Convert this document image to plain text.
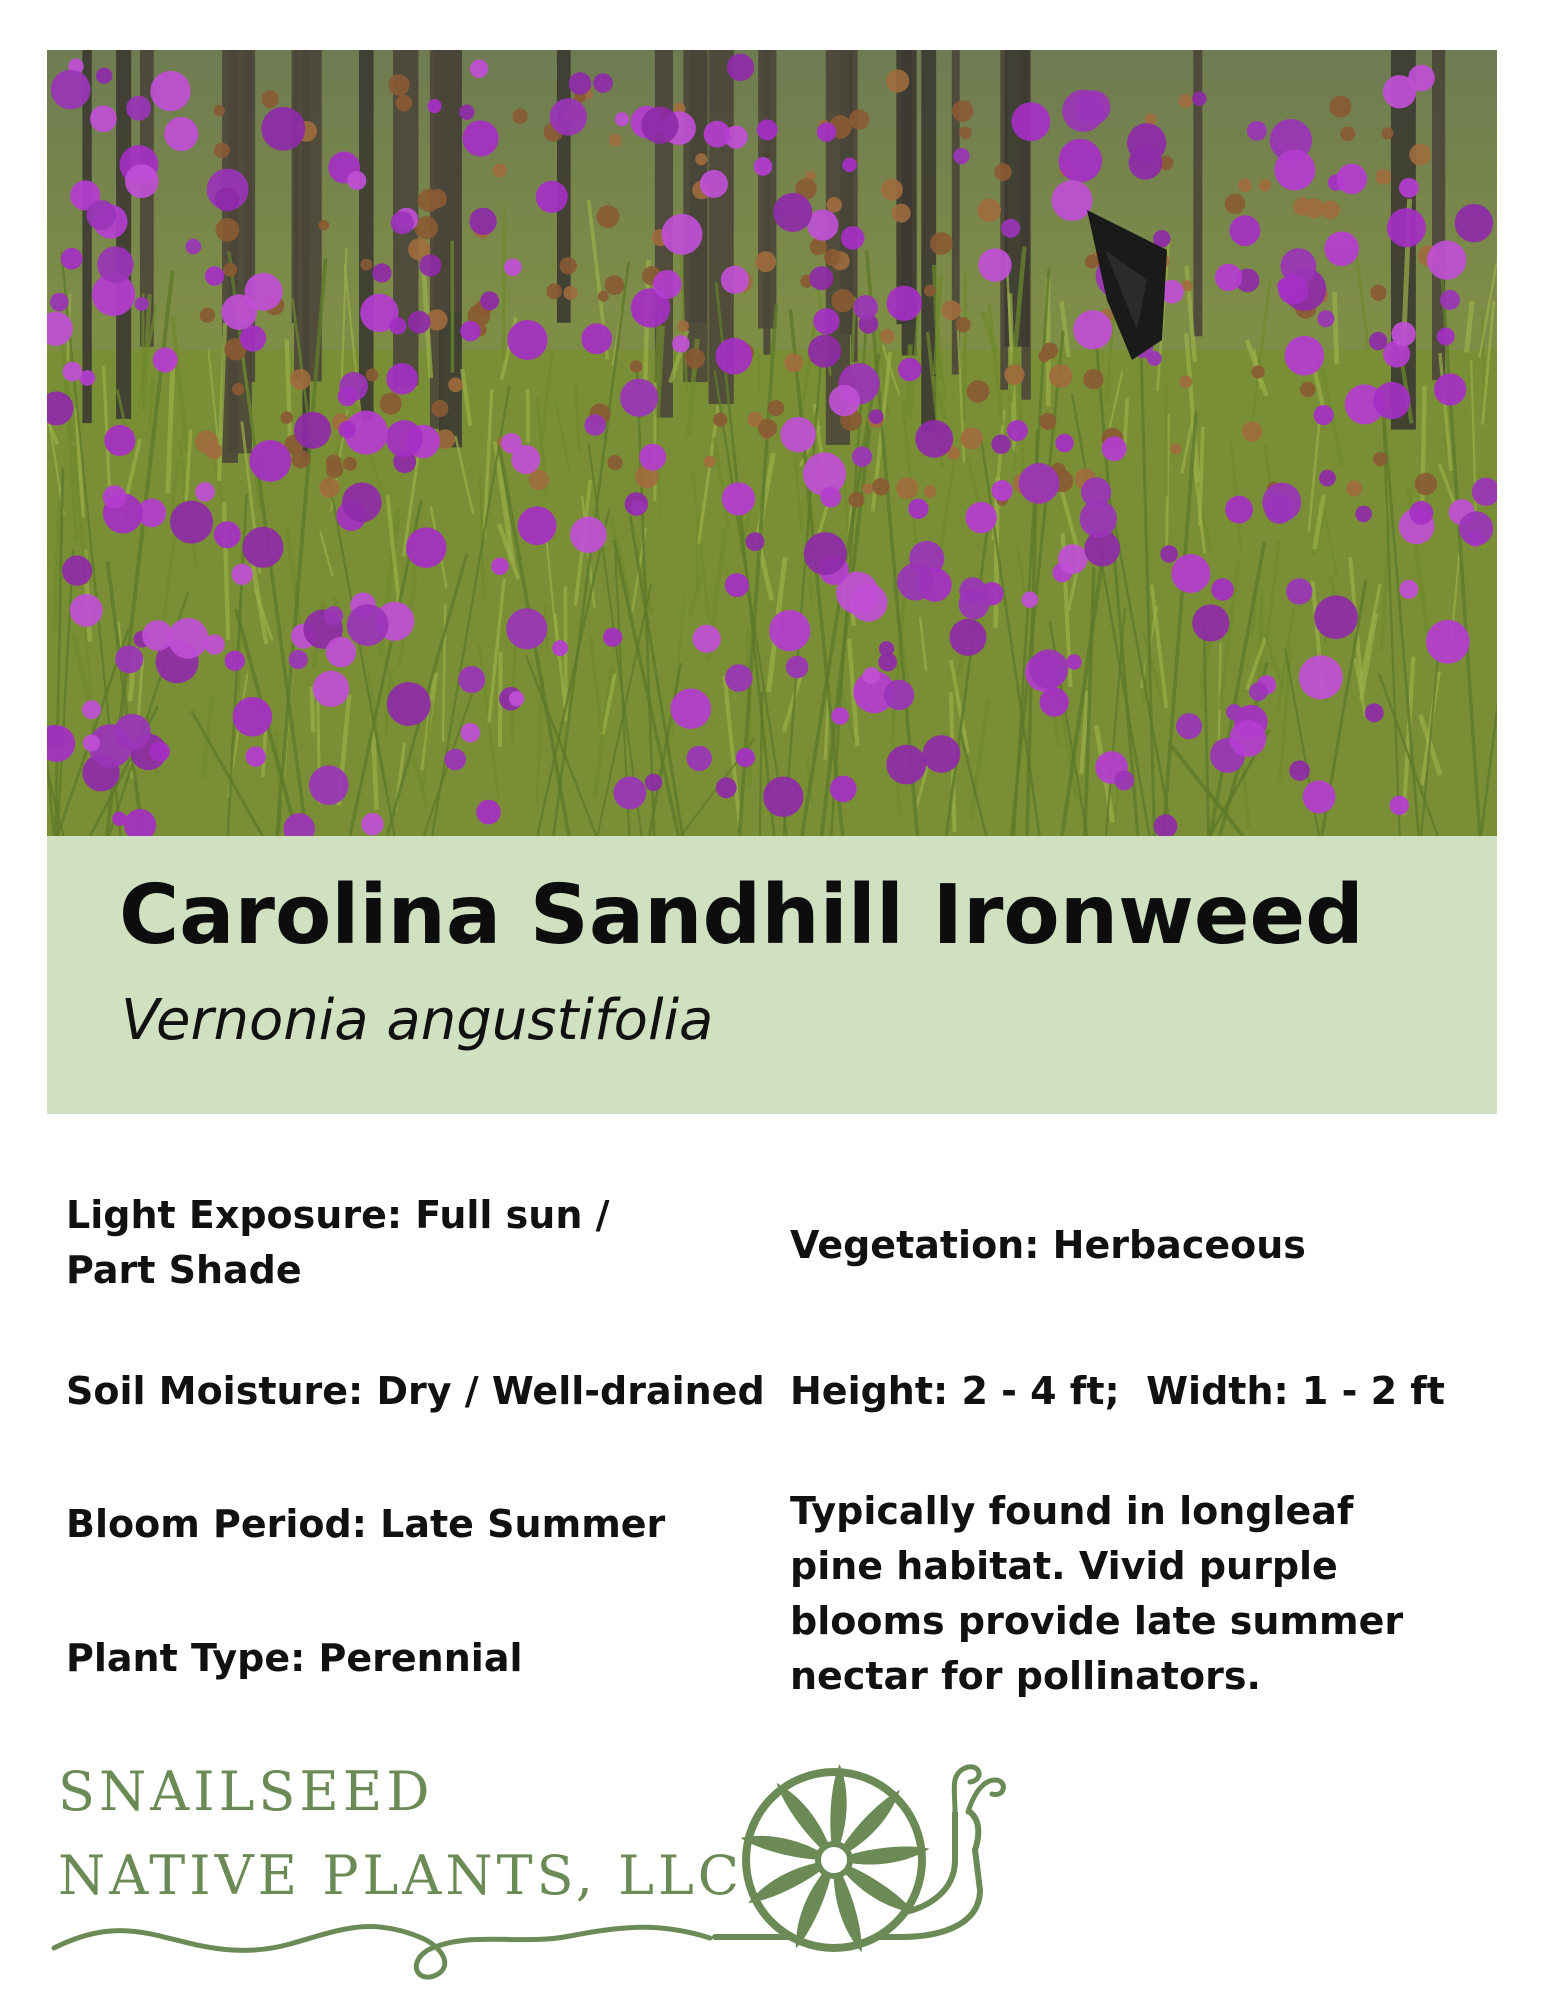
Carolina Sandhill Ironweed

Vernonia angustifolia

Light Exposure: Full sun / Part Shade

Soil Moisture: Dry / Well-drained

Bloom Period: Late Summer

Plant Type: Perennial

Vegetation: Herbaceous

Height: 2 - 4 ft;  Width: 1 - 2 ft

Typically found in longleaf pine habitat. Vivid purple blooms provide late summer nectar for pollinators.

SNAILSEED
NATIVE PLANTS, LLC
